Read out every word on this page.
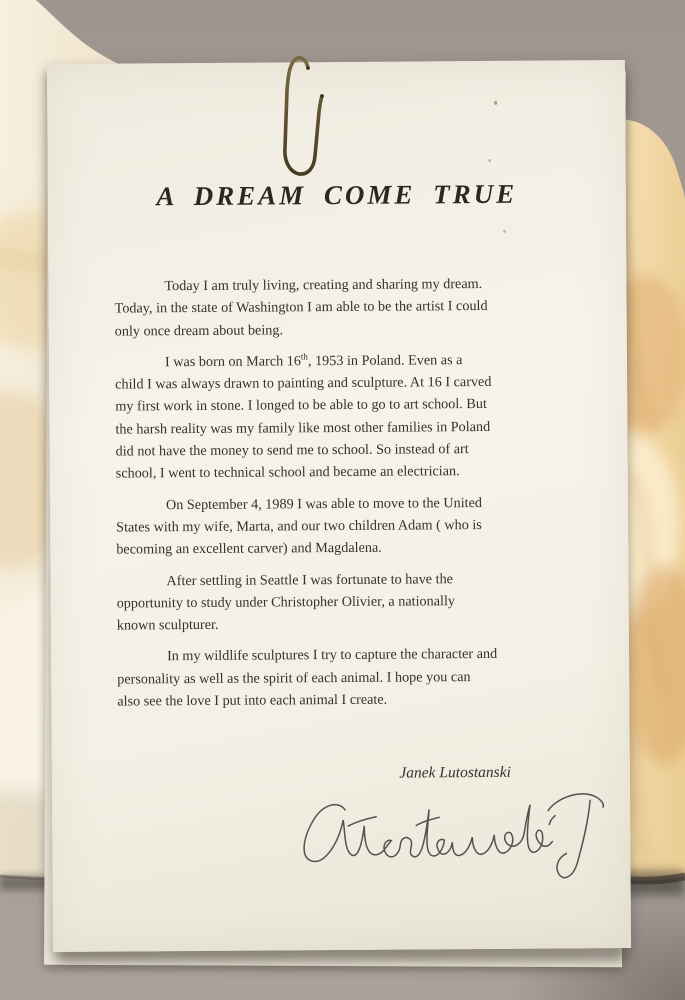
A DREAM COME TRUE
Today I am truly living, creating and sharing my dream.
Today, in the state of Washington I am able to be the artist I could
only once dream about being.
I was born on March 16th, 1953 in Poland. Even as a
child I was always drawn to painting and sculpture. At 16 I carved
my first work in stone. I longed to be able to go to art school. But
the harsh reality was my family like most other families in Poland
did not have the money to send me to school. So instead of art
school, I went to technical school and became an electrician.
On September 4, 1989 I was able to move to the United
States with my wife, Marta, and our two children Adam ( who is
becoming an excellent carver) and Magdalena.
After settling in Seattle I was fortunate to have the
opportunity to study under Christopher Olivier, a nationally
known sculpturer.
In my wildlife sculptures I try to capture the character and
personality as well as the spirit of each animal. I hope you can
also see the love I put into each animal I create.
Janek Lutostanski
